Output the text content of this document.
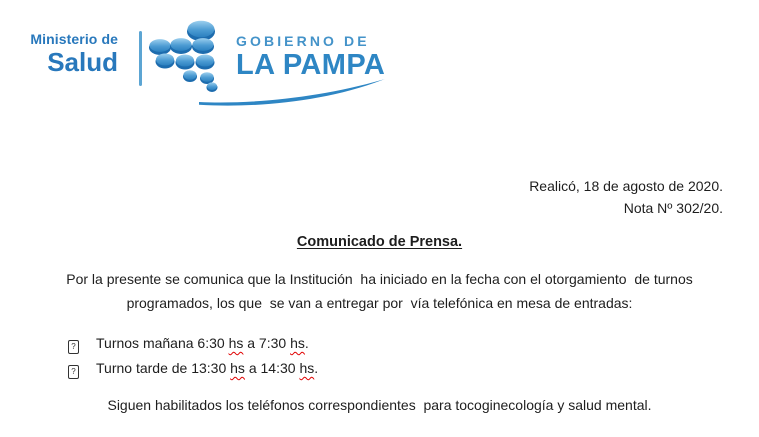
Ministerio de
Salud
GOBIERNO DE
LA PAMPA
Realicó, 18 de agosto de 2020.
Nota Nº 302/20.
Comunicado de Prensa.
Por la presente se comunica que la Institución  ha iniciado en la fecha con el otorgamiento  de turnos
programados, los que  se van a entregar por  vía telefónica en mesa de entradas:
? Turnos mañana 6:30 hs a 7:30 hs.
? Turno tarde de 13:30 hs a 14:30 hs.
Siguen habilitados los teléfonos correspondientes  para tocoginecología y salud mental.
